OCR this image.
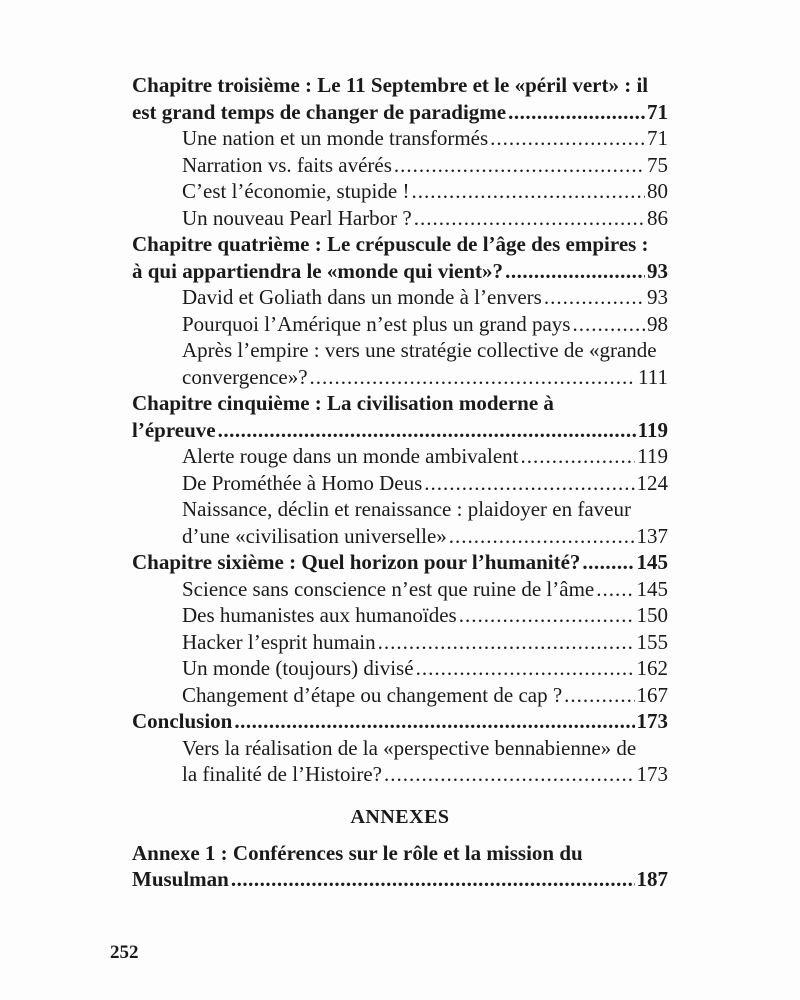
Chapitre troisième : Le 11 Septembre et le «péril vert» : il
est grand temps de changer de paradigme .....	71
Une nation et un monde transformés .....	71
Narration vs. faits avérés .....	75
C’est l’économie, stupide ! .....	80
Un nouveau Pearl Harbor ? .....	86
Chapitre quatrième : Le crépuscule de l’âge des empires :
à qui appartiendra le «monde qui vient»? .....	93
David et Goliath dans un monde à l’envers .....	93
Pourquoi l’Amérique n’est plus un grand pays .....	98
Après l’empire : vers une stratégie collective de «grande
convergence»? .....	111
Chapitre cinquième : La civilisation moderne à
l’épreuve .....	119
Alerte rouge dans un monde ambivalent .....	119
De Prométhée à Homo Deus .....	124
Naissance, déclin et renaissance : plaidoyer en faveur
d’une «civilisation universelle» .....	137
Chapitre sixième : Quel horizon pour l’humanité? .....	145
Science sans conscience n’est que ruine de l’âme ..... 145
Des humanistes aux humanoïdes .....	150
Hacker l’esprit humain .....	155
Un monde (toujours) divisé .....	162
Changement d’étape ou changement de cap ? .....	167
Conclusion .....	173
Vers la réalisation de la «perspective bennabienne» de
la finalité de l’Histoire? .....	173
ANNEXES
Annexe 1 : Conférences sur le rôle et la mission du
Musulman .....	187
252
